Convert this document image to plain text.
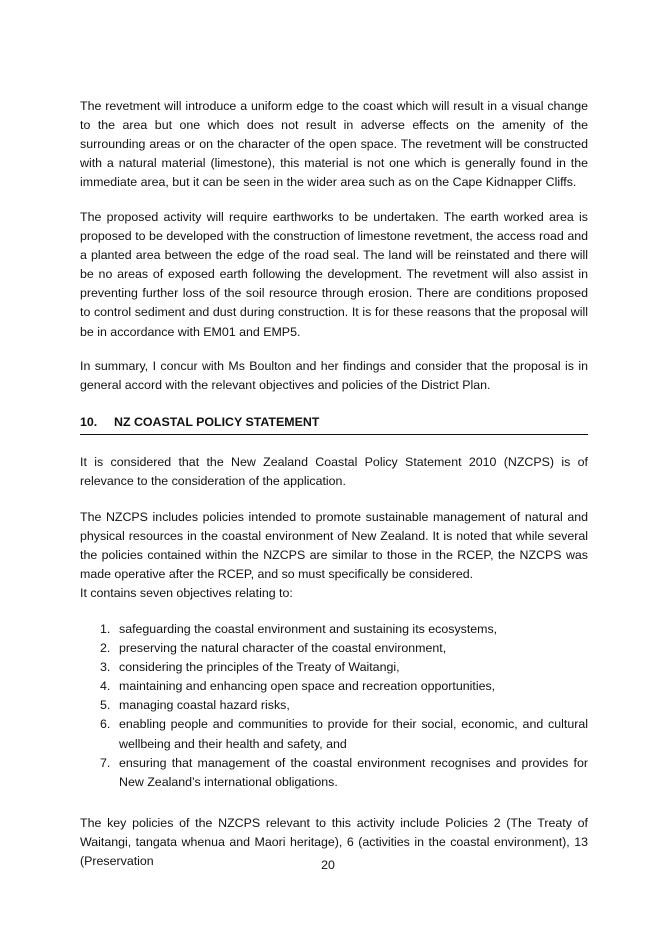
The revetment will introduce a uniform edge to the coast which will result in a visual change to the area but one which does not result in adverse effects on the amenity of the surrounding areas or on the character of the open space. The revetment will be constructed with a natural material (limestone), this material is not one which is generally found in the immediate area, but it can be seen in the wider area such as on the Cape Kidnapper Cliffs.

The proposed activity will require earthworks to be undertaken. The earth worked area is proposed to be developed with the construction of limestone revetment, the access road and a planted area between the edge of the road seal. The land will be reinstated and there will be no areas of exposed earth following the development. The revetment will also assist in preventing further loss of the soil resource through erosion. There are conditions proposed to control sediment and dust during construction. It is for these reasons that the proposal will be in accordance with EM01 and EMP5.

In summary, I concur with Ms Boulton and her findings and consider that the proposal is in general accord with the relevant objectives and policies of the District Plan.

10. NZ COASTAL POLICY STATEMENT

It is considered that the New Zealand Coastal Policy Statement 2010 (NZCPS) is of relevance to the consideration of the application.

The NZCPS includes policies intended to promote sustainable management of natural and physical resources in the coastal environment of New Zealand. It is noted that while several the policies contained within the NZCPS are similar to those in the RCEP, the NZCPS was made operative after the RCEP, and so must specifically be considered.

It contains seven objectives relating to:

1. safeguarding the coastal environment and sustaining its ecosystems,
2. preserving the natural character of the coastal environment,
3. considering the principles of the Treaty of Waitangi,
4. maintaining and enhancing open space and recreation opportunities,
5. managing coastal hazard risks,
6. enabling people and communities to provide for their social, economic, and cultural wellbeing and their health and safety, and
7. ensuring that management of the coastal environment recognises and provides for New Zealand’s international obligations.

The key policies of the NZCPS relevant to this activity include Policies 2 (The Treaty of Waitangi, tangata whenua and Maori heritage), 6 (activities in the coastal environment), 13 (Preservation	20
